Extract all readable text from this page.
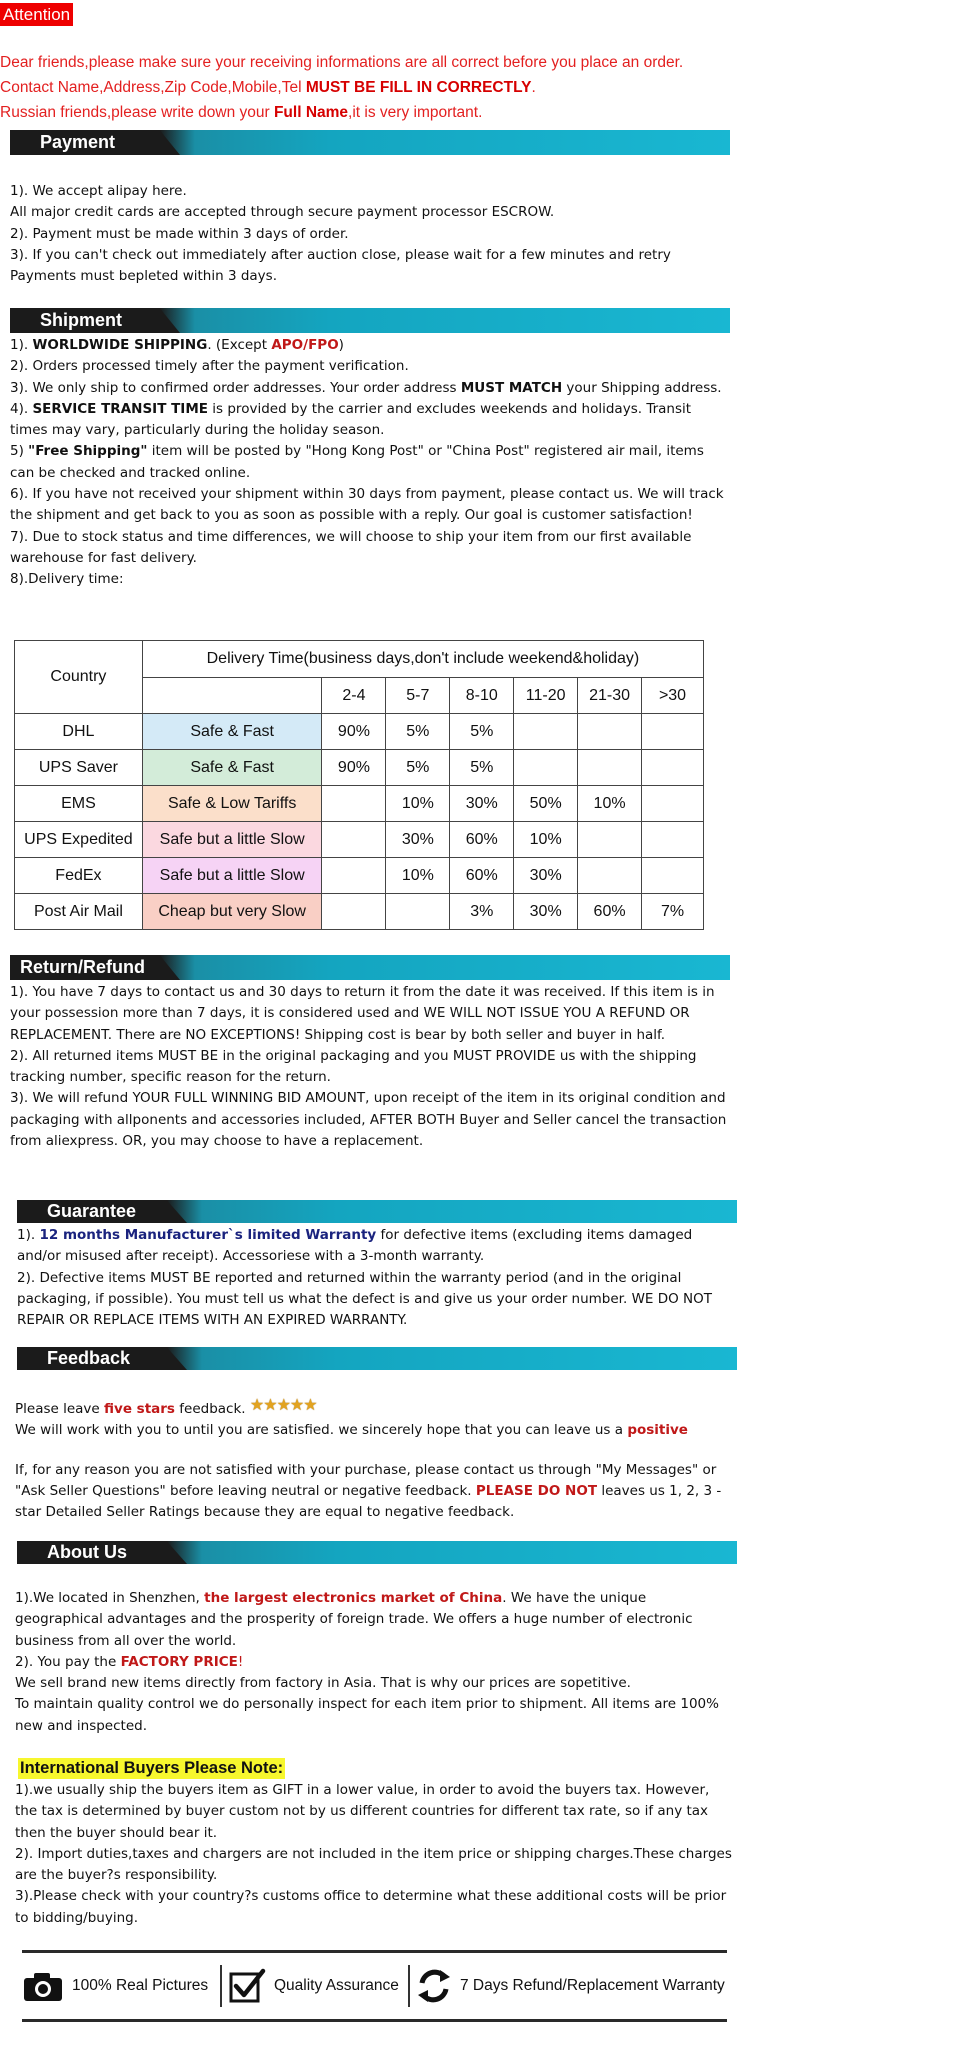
Attention
Dear friends,please make sure your receiving informations are all correct before you place an order.
Contact Name,Address,Zip Code,Mobile,Tel MUST BE FILL IN CORRECTLY.
Russian friends,please write down your Full Name,it is very important.
Payment

1). We accept alipay here.

All major credit cards are accepted through secure payment processor ESCROW.

2). Payment must be made within 3 days of order.

3). If you can't check out immediately after auction close, please wait for a few minutes and retry

Payments must bepleted within 3 days.

Shipment

1). WORLDWIDE SHIPPING. (Except APO/FPO)

2). Orders processed timely after the payment verification.

3). We only ship to confirmed order addresses. Your order address MUST MATCH your Shipping address.

4). SERVICE TRANSIT TIME is provided by the carrier and excludes weekends and holidays. Transit times may vary, particularly during the holiday season.

5) "Free Shipping" item will be posted by "Hong Kong Post" or "China Post" registered air mail, items can be checked and tracked online.

6). If you have not received your shipment within 30 days from payment, please contact us. We will track the shipment and get back to you as soon as possible with a reply. Our goal is customer satisfaction!

7). Due to stock status and time differences, we will choose to ship your item from our first available warehouse for fast delivery.

8).Delivery time:

Country	Delivery Time(business days,don't include weekend&holiday)						
		2-4	5-7	8-10	11-20	21-30	>30
DHL	Safe & Fast	90%	5%	5%			
UPS Saver	Safe & Fast	90%	5%	5%			
EMS	Safe & Low Tariffs		10%	30%	50%	10%	
UPS Expedited	Safe but a little Slow		30%	60%	10%		
FedEx	Safe but a little Slow		10%	60%	30%		
Post Air Mail	Cheap but very Slow			3%	30%	60%	7%
Return/Refund

1). You have 7 days to contact us and 30 days to return it from the date it was received. If this item is in your possession more than 7 days, it is considered used and WE WILL NOT ISSUE YOU A REFUND OR REPLACEMENT. There are NO EXCEPTIONS! Shipping cost is bear by both seller and buyer in half.

2). All returned items MUST BE in the original packaging and you MUST PROVIDE us with the shipping tracking number, specific reason for the return.

3). We will refund YOUR FULL WINNING BID AMOUNT, upon receipt of the item in its original condition and packaging with allponents and accessories included, AFTER BOTH Buyer and Seller cancel the transaction from aliexpress. OR, you may choose to have a replacement.

Guarantee

1). 12 months Manufacturer`s limited Warranty for defective items (excluding items damaged and/or misused after receipt). Accessoriese with a 3-month warranty.

2). Defective items MUST BE reported and returned within the warranty period (and in the original packaging, if possible). You must tell us what the defect is and give us your order number. WE DO NOT REPAIR OR REPLACE ITEMS WITH AN EXPIRED WARRANTY.

Feedback

Please leave five stars feedback. ★★★★★

We will work with you to until you are satisfied. we sincerely hope that you can leave us a positive

If, for any reason you are not satisfied with your purchase, please contact us through "My Messages" or "Ask Seller Questions" before leaving neutral or negative feedback. PLEASE DO NOT leaves us 1, 2, 3 -star Detailed Seller Ratings because they are equal to negative feedback.

About Us

1).We located in Shenzhen, the largest electronics market of China. We have the unique geographical advantages and the prosperity of foreign trade. We offers a huge number of electronic business from all over the world.

2). You pay the FACTORY PRICE!

We sell brand new items directly from factory in Asia. That is why our prices are sopetitive.

To maintain quality control we do personally inspect for each item prior to shipment. All items are 100% new and inspected.

International Buyers Please Note:

1).we usually ship the buyers item as GIFT in a lower value, in order to avoid the buyers tax. However, the tax is determined by buyer custom not by us different countries for different tax rate, so if any tax then the buyer should bear it.

2). Import duties,taxes and chargers are not included in the item price or shipping charges.These charges are the buyer?s responsibility.

3).Please check with your country?s customs office to determine what these additional costs will be prior to bidding/buying.

100% Real Pictures	Quality Assurance	7 Days Refund/Replacement Warranty
